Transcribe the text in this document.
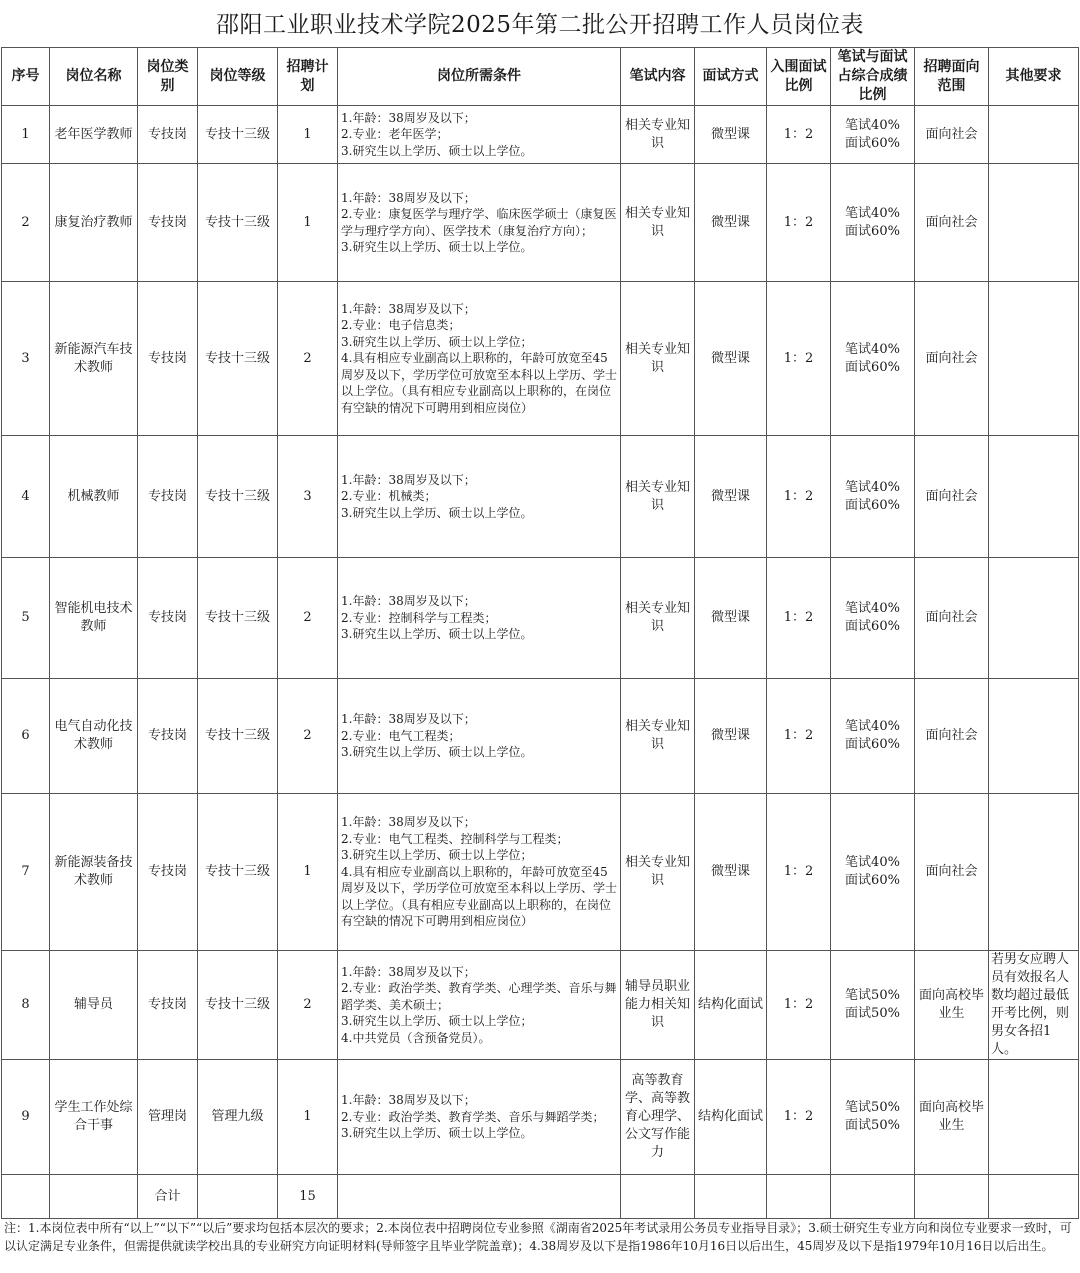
邵阳工业职业技术学院2025年第二批公开招聘工作人员岗位表
序号	岗位名称	岗位类别	岗位等级	招聘计划	岗位所需条件	笔试内容	面试方式	入围面试比例	笔试与面试占综合成绩比例	招聘面向范围	其他要求
1	老年医学教师	专技岗	专技十三级	1	1.年龄：38周岁及以下；
2.专业：老年医学；
3.研究生以上学历、硕士以上学位。	相关专业知识	微型课	1：2	笔试40%
面试60%	面向社会	
2	康复治疗教师	专技岗	专技十三级	1	1.年龄：38周岁及以下；
2.专业：康复医学与理疗学、临床医学硕士（康复医学与理疗学方向）、医学技术（康复治疗方向）；
3.研究生以上学历、硕士以上学位。	相关专业知识	微型课	1：2	笔试40%
面试60%	面向社会	
3	新能源汽车技术教师	专技岗	专技十三级	2	1.年龄：38周岁及以下；
2.专业：电子信息类；
3.研究生以上学历、硕士以上学位；
4.具有相应专业副高以上职称的，年龄可放宽至45周岁及以下，学历学位可放宽至本科以上学历、学士以上学位。（具有相应专业副高以上职称的，在岗位有空缺的情况下可聘用到相应岗位）	相关专业知识	微型课	1：2	笔试40%
面试60%	面向社会	
4	机械教师	专技岗	专技十三级	3	1.年龄：38周岁及以下；
2.专业：机械类；
3.研究生以上学历、硕士以上学位。	相关专业知识	微型课	1：2	笔试40%
面试60%	面向社会	
5	智能机电技术教师	专技岗	专技十三级	2	1.年龄：38周岁及以下；
2.专业：控制科学与工程类；
3.研究生以上学历、硕士以上学位。	相关专业知识	微型课	1：2	笔试40%
面试60%	面向社会	
6	电气自动化技术教师	专技岗	专技十三级	2	1.年龄：38周岁及以下；
2.专业：电气工程类；
3.研究生以上学历、硕士以上学位。	相关专业知识	微型课	1：2	笔试40%
面试60%	面向社会	
7	新能源装备技术教师	专技岗	专技十三级	1	1.年龄：38周岁及以下；
2.专业：电气工程类、控制科学与工程类；
3.研究生以上学历、硕士以上学位；
4.具有相应专业副高以上职称的，年龄可放宽至45周岁及以下，学历学位可放宽至本科以上学历、学士以上学位。（具有相应专业副高以上职称的，在岗位有空缺的情况下可聘用到相应岗位）	相关专业知识	微型课	1：2	笔试40%
面试60%	面向社会	
8	辅导员	专技岗	专技十三级	2	1.年龄：38周岁及以下；
2.专业：政治学类、教育学类、心理学类、音乐与舞蹈学类、美术硕士；
3.研究生以上学历、硕士以上学位；
4.中共党员（含预备党员）。	辅导员职业能力相关知识	结构化面试	1：2	笔试50%
面试50%	面向高校毕业生	若男女应聘人员有效报名人数均超过最低开考比例，则男女各招1人。
9	学生工作处综合干事	管理岗	管理九级	1	1.年龄：38周岁及以下；
2.专业：政治学类、教育学类、音乐与舞蹈学类；
3.研究生以上学历、硕士以上学位。	高等教育学、高等教育心理学、公文写作能力	结构化面试	1：2	笔试50%
面试50%	面向高校毕业生	
		合计		15							
注：1.本岗位表中所有“以上”“以下”“以后”要求均包括本层次的要求；2.本岗位表中招聘岗位专业参照《湖南省2025年考试录用公务员专业指导目录》；3.硕士研究生专业方向和岗位专业要求一致时，可以认定满足专业条件，但需提供就读学校出具的专业研究方向证明材料(导师签字且毕业学院盖章)；4.38周岁及以下是指1986年10月16日以后出生，45周岁及以下是指1979年10月16日以后出生。
